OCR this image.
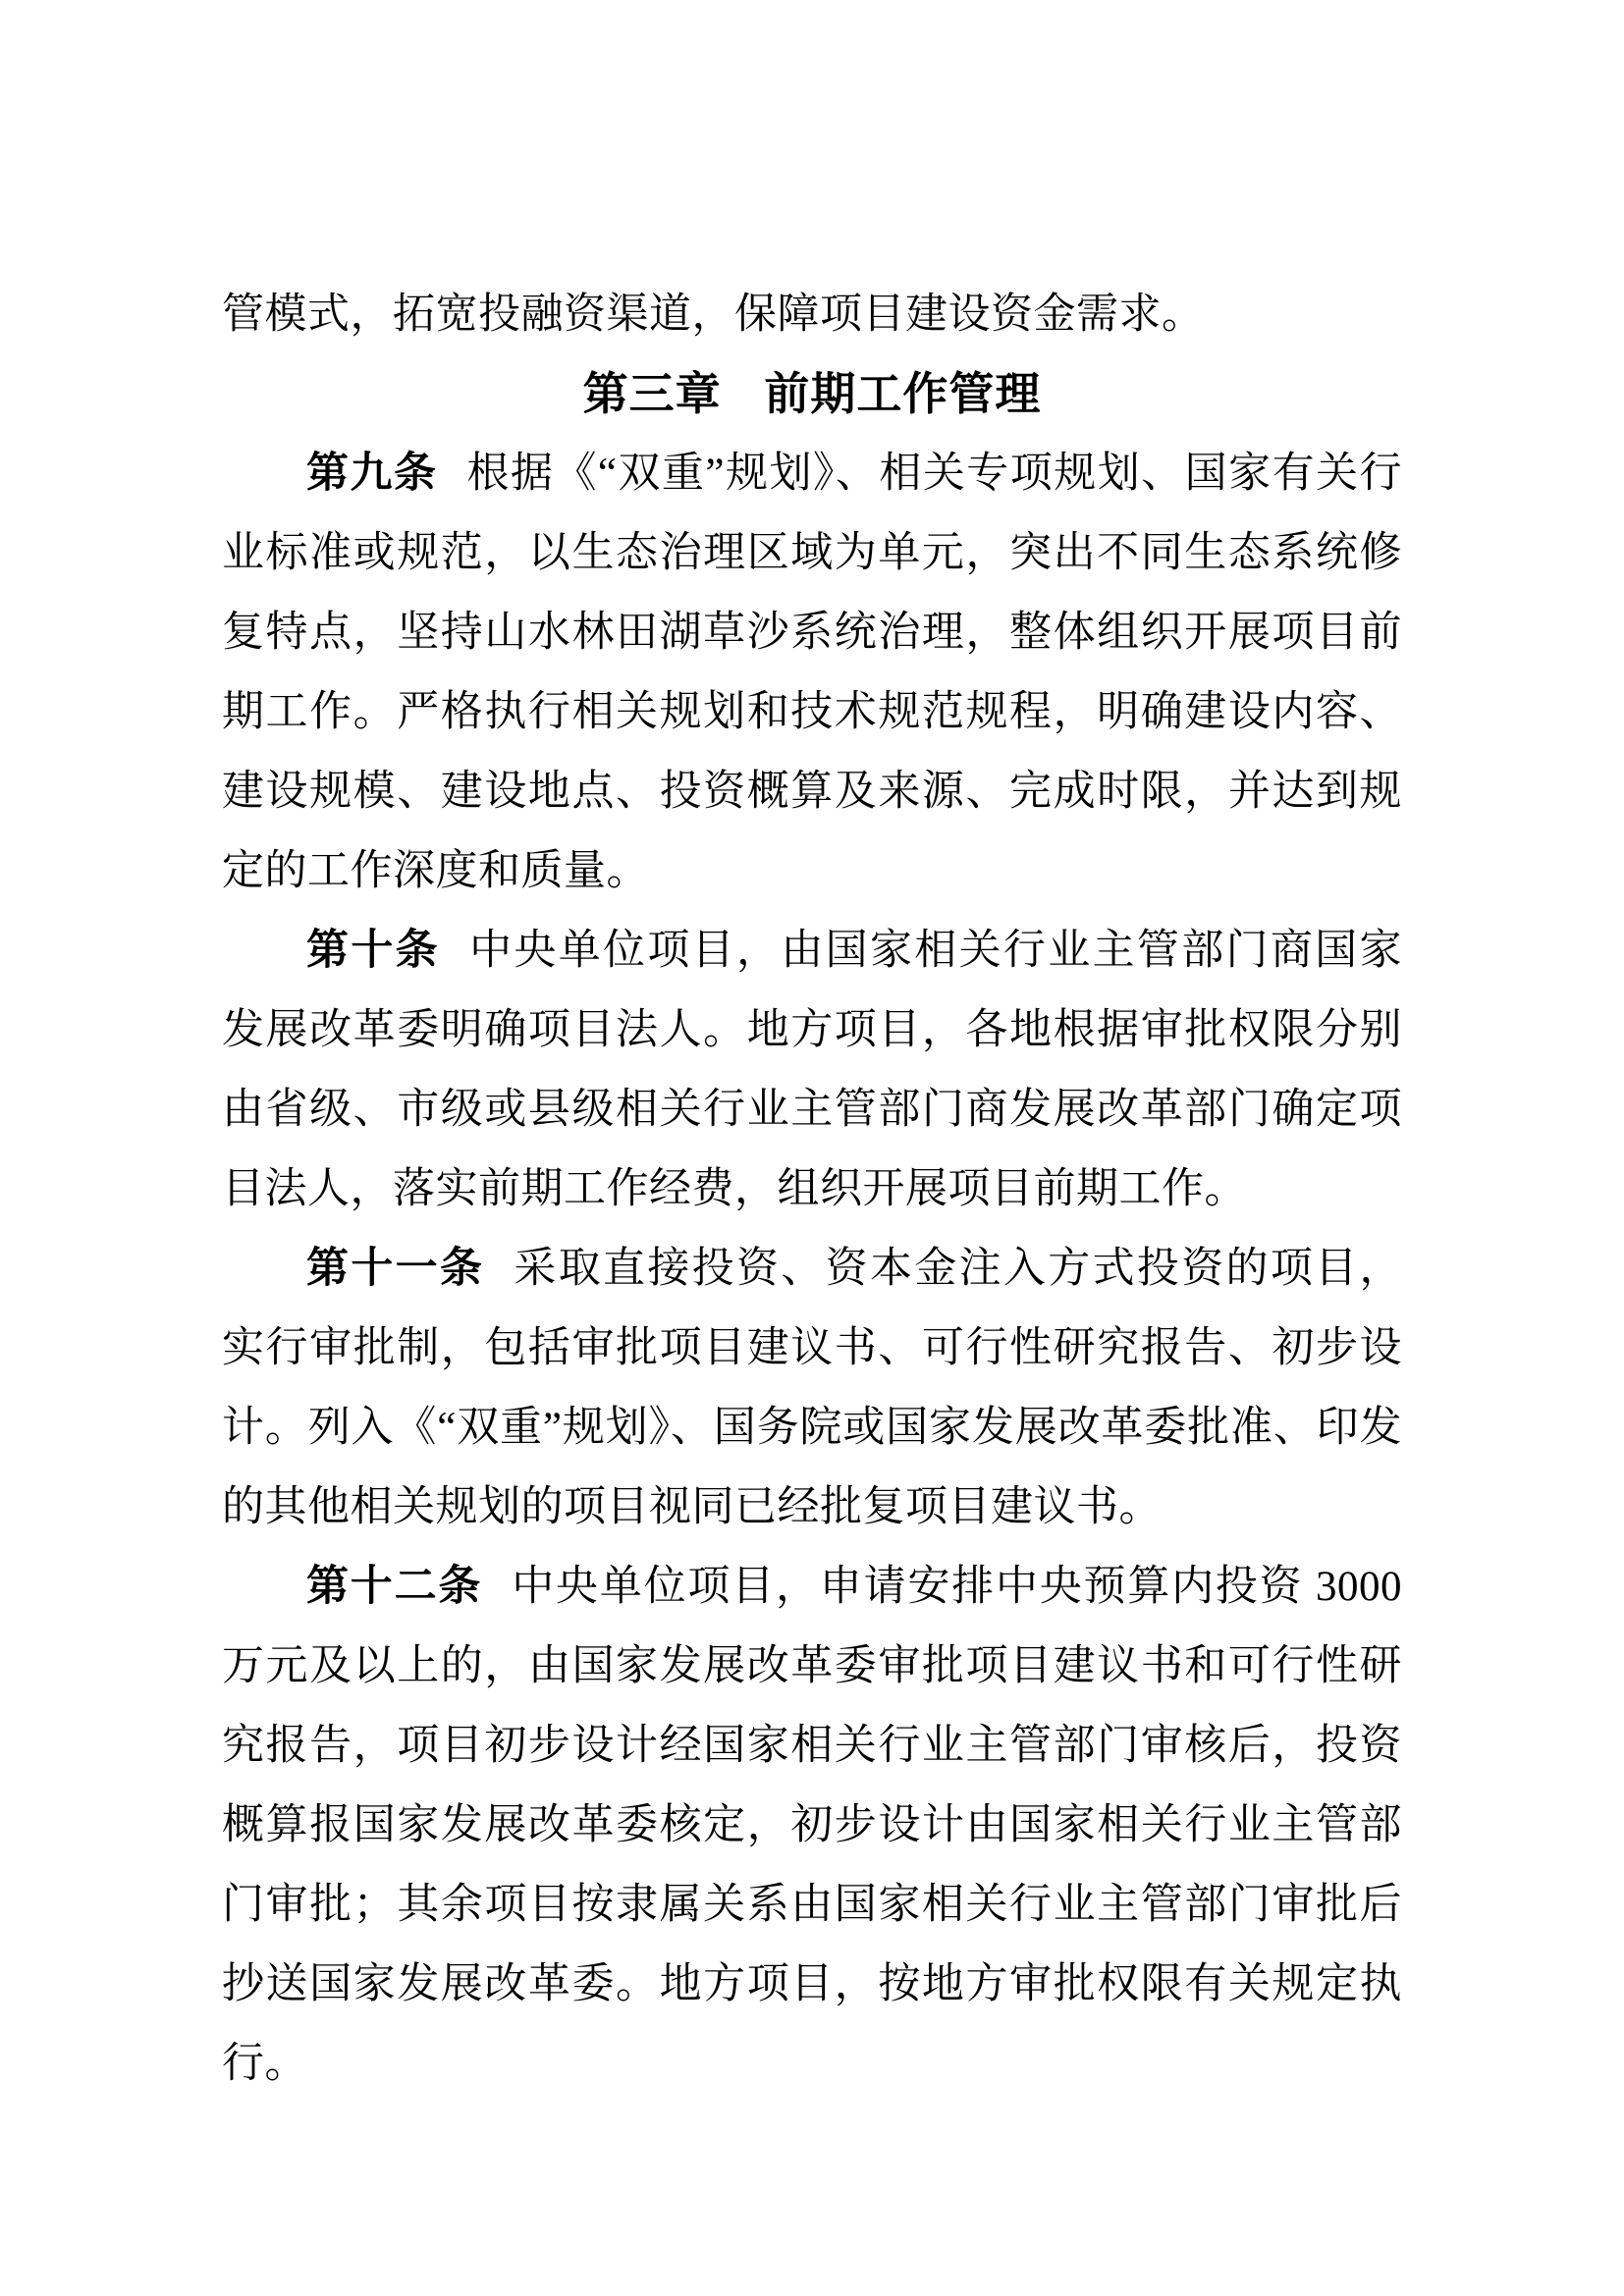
管模式，拓宽投融资渠道，保障项目建设资金需求。

第三章 前期工作管理

第九条 根据《“双重”规划》、相关专项规划、国家有关行业标准或规范，以生态治理区域为单元，突出不同生态系统修复特点，坚持山水林田湖草沙系统治理，整体组织开展项目前期工作。严格执行相关规划和技术规范规程，明确建设内容、建设规模、建设地点、投资概算及来源、完成时限，并达到规定的工作深度和质量。

第十条 中央单位项目，由国家相关行业主管部门商国家发展改革委明确项目法人。地方项目，各地根据审批权限分别由省级、市级或县级相关行业主管部门商发展改革部门确定项目法人，落实前期工作经费，组织开展项目前期工作。

第十一条 采取直接投资、资本金注入方式投资的项目，实行审批制，包括审批项目建议书、可行性研究报告、初步设计。列入《“双重”规划》、国务院或国家发展改革委批准、印发的其他相关规划的项目视同已经批复项目建议书。

第十二条 中央单位项目，申请安排中央预算内投资 3000 万元及以上的，由国家发展改革委审批项目建议书和可行性研究报告，项目初步设计经国家相关行业主管部门审核后，投资概算报国家发展改革委核定，初步设计由国家相关行业主管部门审批；其余项目按隶属关系由国家相关行业主管部门审批后抄送国家发展改革委。地方项目，按地方审批权限有关规定执行。
